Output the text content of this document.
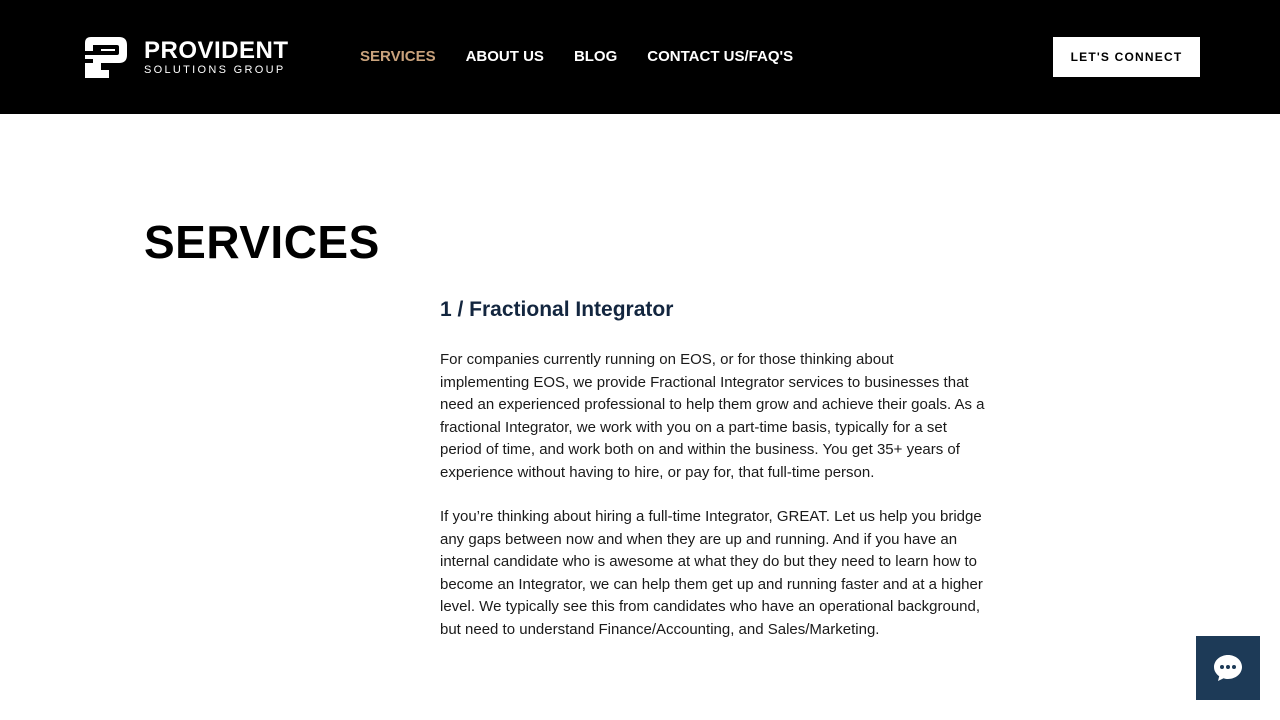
PROVIDENT
SOLUTIONS GROUP
SERVICES ABOUT US BLOG CONTACT US/FAQ'S	LET'S CONNECT
SERVICES
1 / Fractional Integrator

For companies currently running on EOS, or for those thinking about implementing EOS, we provide Fractional Integrator services to businesses that need an experienced professional to help them grow and achieve their goals. As a fractional Integrator, we work with you on a part-time basis, typically for a set period of time, and work both on and within the business. You get 35+ years of experience without having to hire, or pay for, that full-time person.

If you’re thinking about hiring a full-time Integrator, GREAT. Let us help you bridge any gaps between now and when they are up and running. And if you have an internal candidate who is awesome at what they do but they need to learn how to become an Integrator, we can help them get up and running faster and at a higher level. We typically see this from candidates who have an operational background, but need to understand Finance/Accounting, and Sales/Marketing.
